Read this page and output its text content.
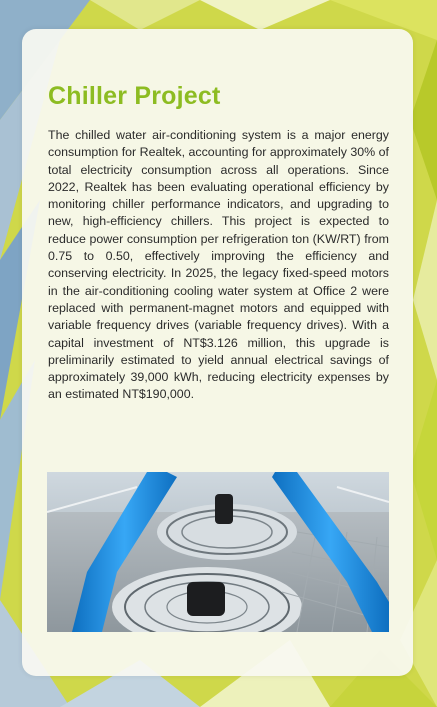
Chiller Project

The chilled water air-conditioning system is a major energy consumption for Realtek, accounting for approximately 30% of total electricity consumption across all operations. Since 2022, Realtek has been evaluating operational efficiency by monitoring chiller performance indicators, and upgrading to new, high-efficiency chillers. This project is expected to reduce power consumption per refrigeration ton (KW/RT) from 0.75 to 0.50, effectively improving the efficiency and conserving electricity. In 2025, the legacy fixed-speed motors in the air-conditioning cooling water system at Office 2 were replaced with permanent-magnet motors and equipped with variable frequency drives (variable frequency drives). With a capital investment of NT$3.126 million, this upgrade is preliminarily estimated to yield annual electrical savings of approximately 39,000 kWh, reducing electricity expenses by an estimated NT$190,000.
